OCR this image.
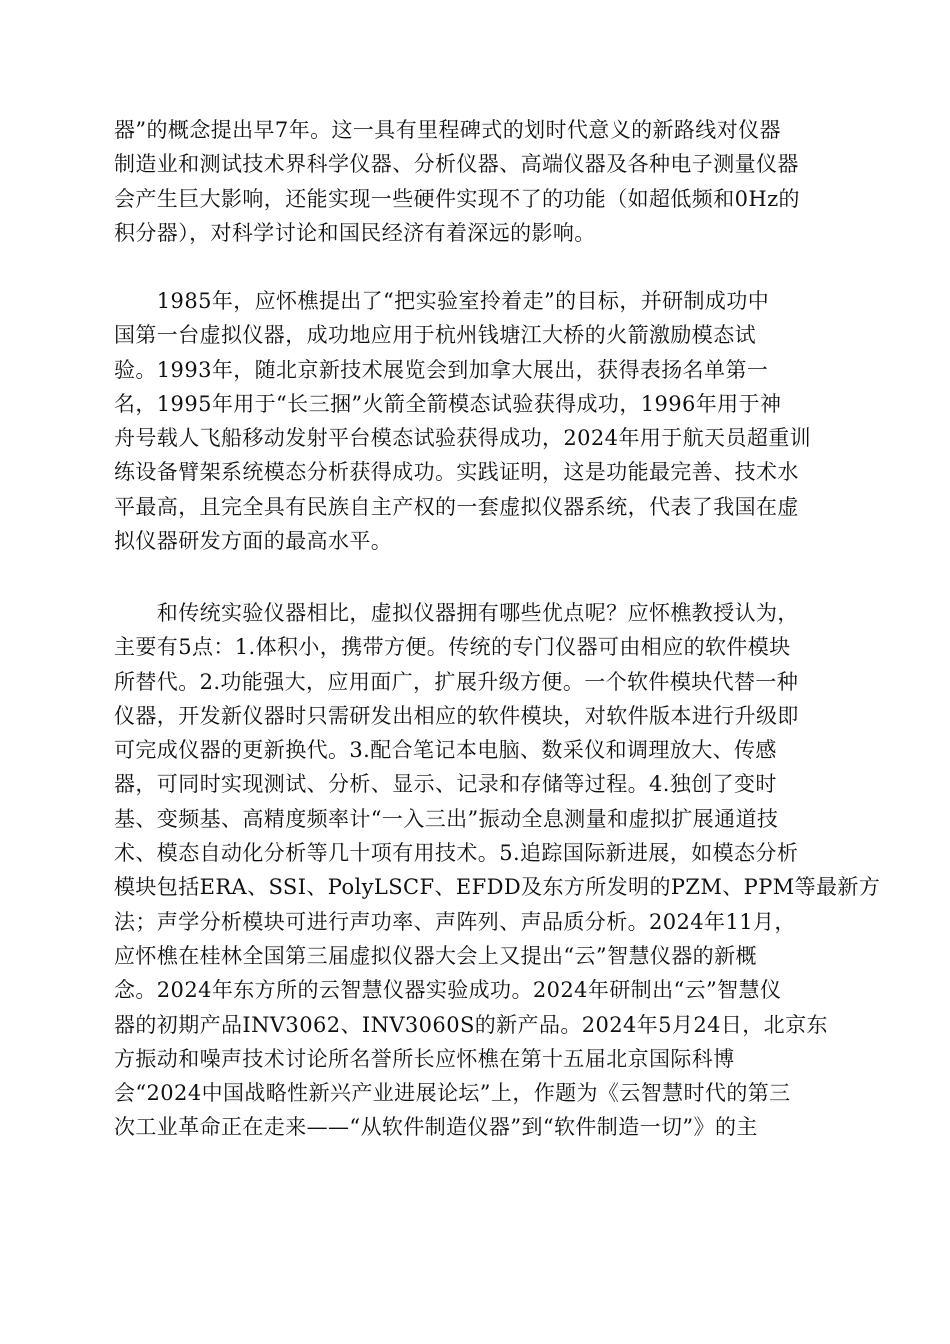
器”的概念提出早7年。这一具有里程碑式的划时代意义的新路线对仪器
制造业和测试技术界科学仪器、分析仪器、高端仪器及各种电子测量仪器
会产生巨大影响，还能实现一些硬件实现不了的功能（如超低频和0Hz的
积分器），对科学讨论和国民经济有着深远的影响。
　　1985年，应怀樵提出了“把实验室拎着走”的目标，并研制成功中
国第一台虚拟仪器，成功地应用于杭州钱塘江大桥的火箭激励模态试
验。1993年，随北京新技术展览会到加拿大展出，获得表扬名单第一
名，1995年用于“长三捆”火箭全箭模态试验获得成功，1996年用于神
舟号载人飞船移动发射平台模态试验获得成功，2024年用于航天员超重训
练设备臂架系统模态分析获得成功。实践证明，这是功能最完善、技术水
平最高，且完全具有民族自主产权的一套虚拟仪器系统，代表了我国在虚
拟仪器研发方面的最高水平。
　　和传统实验仪器相比，虚拟仪器拥有哪些优点呢？应怀樵教授认为，
主要有5点：1.体积小，携带方便。传统的专门仪器可由相应的软件模块
所替代。2.功能强大，应用面广，扩展升级方便。一个软件模块代替一种
仪器，开发新仪器时只需研发出相应的软件模块，对软件版本进行升级即
可完成仪器的更新换代。3.配合笔记本电脑、数采仪和调理放大、传感
器，可同时实现测试、分析、显示、记录和存储等过程。4.独创了变时
基、变频基、高精度频率计“一入三出”振动全息测量和虚拟扩展通道技
术、模态自动化分析等几十项有用技术。5.追踪国际新进展，如模态分析
模块包括ERA、SSI、PolyLSCF、EFDD及东方所发明的PZM、PPM等最新方
法；声学分析模块可进行声功率、声阵列、声品质分析。2024年11月，
应怀樵在桂林全国第三届虚拟仪器大会上又提出“云”智慧仪器的新概
念。2024年东方所的云智慧仪器实验成功。2024年研制出“云”智慧仪
器的初期产品INV3062、INV3060S的新产品。2024年5月24日，北京东
方振动和噪声技术讨论所名誉所长应怀樵在第十五届北京国际科博
会“2024中国战略性新兴产业进展论坛”上，作题为《云智慧时代的第三
次工业革命正在走来——“从软件制造仪器”到“软件制造一切”》的主
